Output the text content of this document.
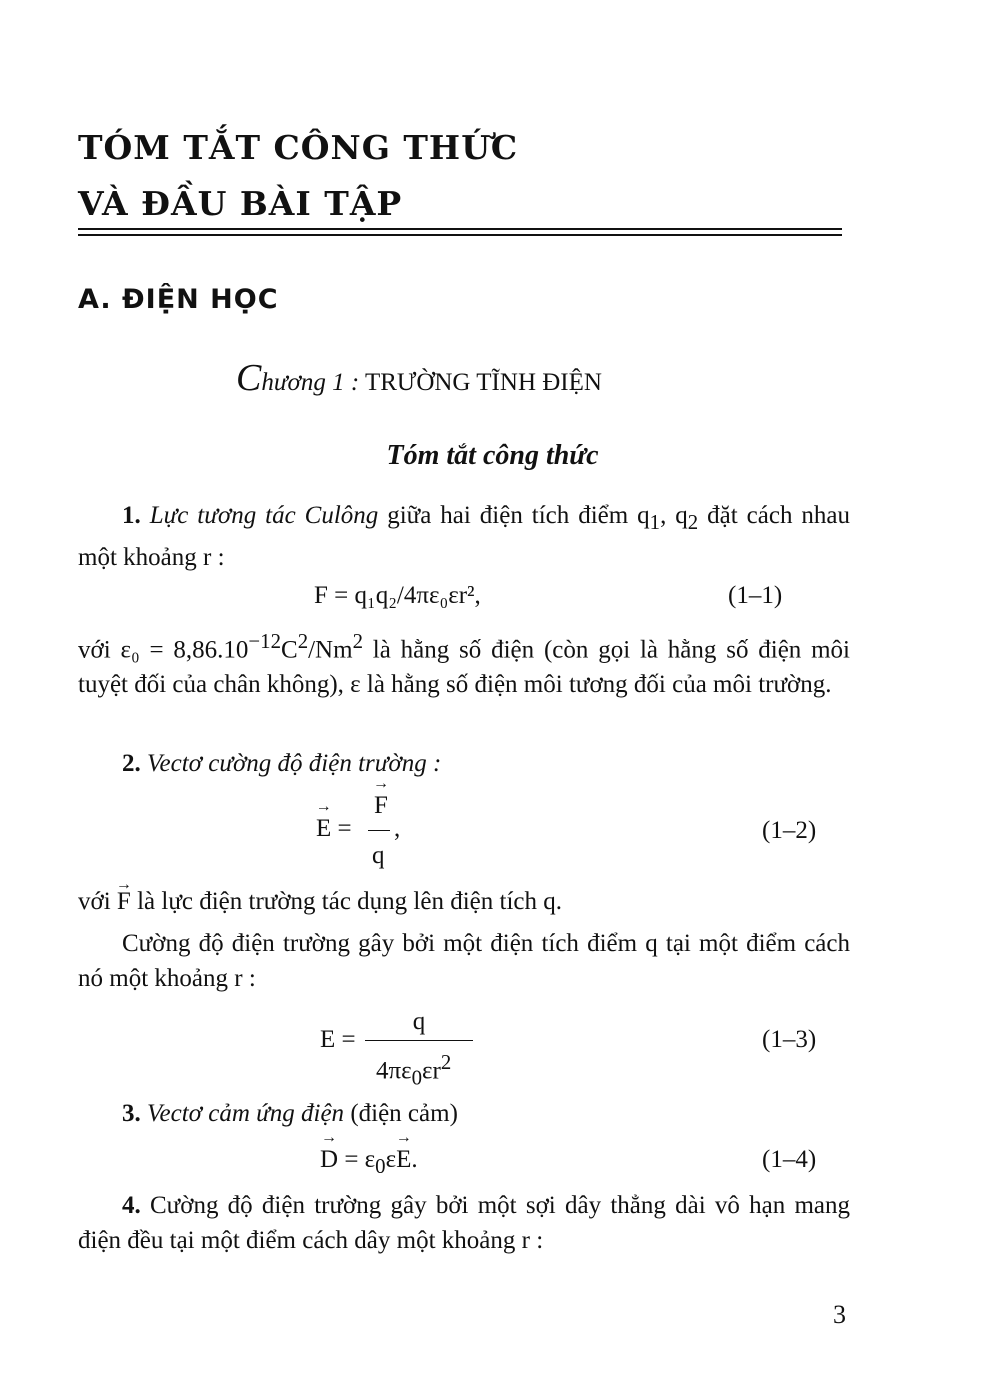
TÓM TẮT CÔNG THỨC
VÀ ĐẦU BÀI TẬP
A. ĐIỆN HỌC
Chương 1 : TRƯỜNG TĨNH ĐIỆN
Tóm tắt công thức
1. Lực tương tác Culông giữa hai điện tích điểm $q_1$, $q_2$ đặt cách nhau một khoảng r :
F = q₁q₂/4πε₀εr²,	(1–1)
với $\varepsilon_0 = 8,86.10^{-12}C^2/Nm^2$ là hằng số điện (còn gọi là hằng số điện môi tuyệt đối của chân không), ε là hằng số điện môi tương đối của môi trường.
2. Vectơ cường độ điện trường :
→ E =
→ F
,
q
(1–2)
với → F là lực điện trường tác dụng lên điện tích q.
Cường độ điện trường gây bởi một điện tích điểm q tại một điểm cách nó một khoảng r :
E =
q
$4\pi\varepsilon_0\varepsilon r^2$
(1–3)
3. Vectơ cảm ứng điện (điện cảm)
→ $D = \varepsilon_0\varepsilon\to E$.	(1–4)
4. Cường độ điện trường gây bởi một sợi dây thẳng dài vô hạn mang điện đều tại một điểm cách dây một khoảng r :
3
